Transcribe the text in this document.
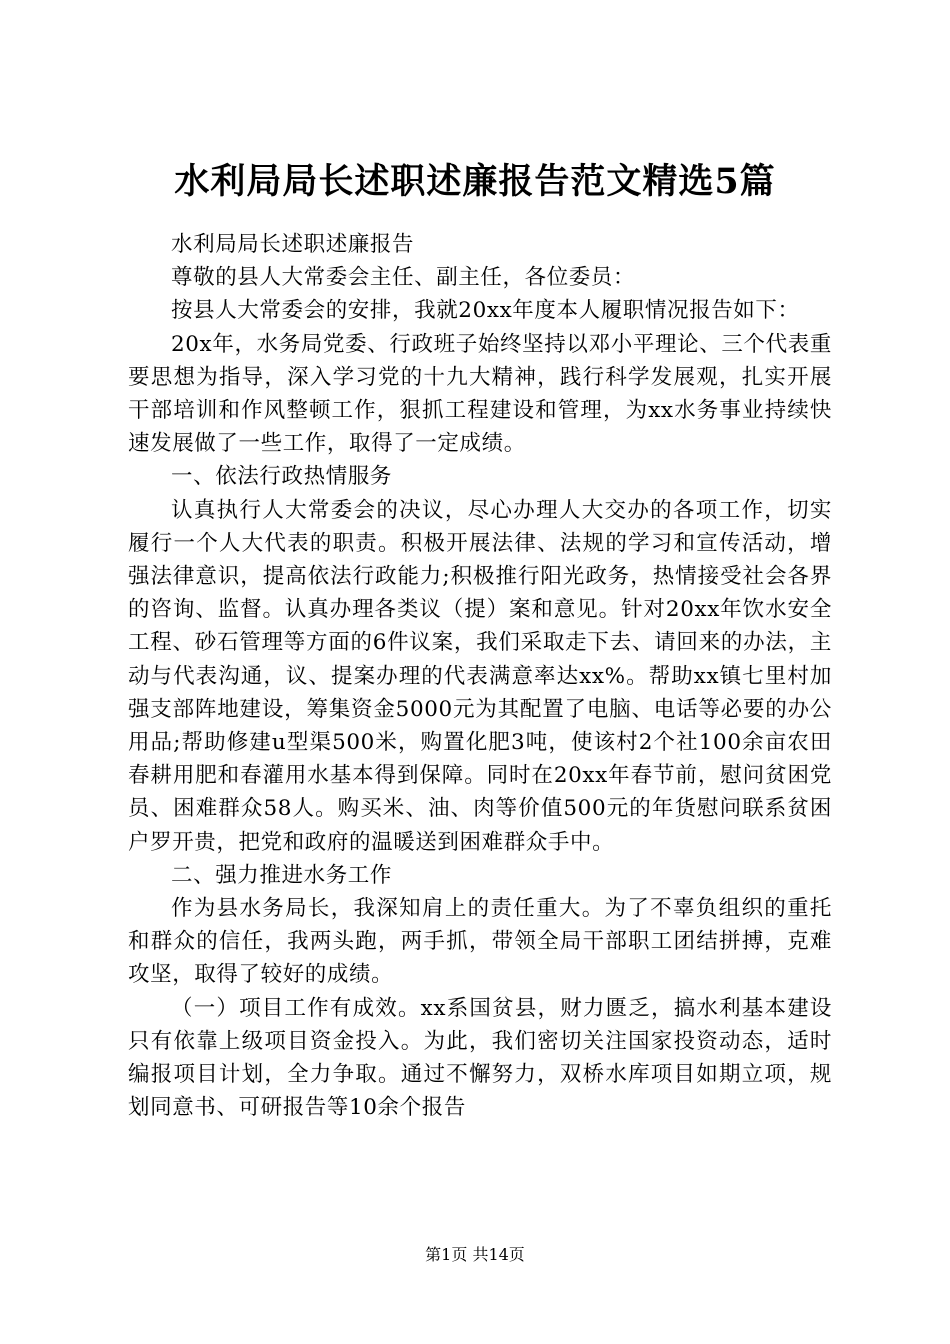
水利局局长述职述廉报告范文精选5篇

水利局局长述职述廉报告

尊敬的县人大常委会主任、副主任，各位委员：

按县人大常委会的安排，我就20xx年度本人履职情况报告如下：

20x年，水务局党委、行政班子始终坚持以邓小平理论、三个代表重要思想为指导，深入学习党的十九大精神，践行科学发展观，扎实开展干部培训和作风整顿工作，狠抓工程建设和管理，为xx水务事业持续快速发展做了一些工作，取得了一定成绩。

一、依法行政热情服务

认真执行人大常委会的决议，尽心办理人大交办的各项工作，切实履行一个人大代表的职责。积极开展法律、法规的学习和宣传活动，增强法律意识，提高依法行政能力;积极推行阳光政务，热情接受社会各界的咨询、监督。认真办理各类议（提）案和意见。针对20xx年饮水安全工程、砂石管理等方面的6件议案，我们采取走下去、请回来的办法，主动与代表沟通，议、提案办理的代表满意率达xx%。帮助xx镇七里村加强支部阵地建设，筹集资金5000元为其配置了电脑、电话等必要的办公用品;帮助修建u型渠500米，购置化肥3吨，使该村2个社100余亩农田春耕用肥和春灌用水基本得到保障。同时在20xx年春节前，慰问贫困党员、困难群众58人。购买米、油、肉等价值500元的年货慰问联系贫困户罗开贵，把党和政府的温暖送到困难群众手中。

二、强力推进水务工作

作为县水务局长，我深知肩上的责任重大。为了不辜负组织的重托和群众的信任，我两头跑，两手抓，带领全局干部职工团结拼搏，克难攻坚，取得了较好的成绩。

（一）项目工作有成效。xx系国贫县，财力匮乏，搞水利基本建设只有依靠上级项目资金投入。为此，我们密切关注国家投资动态，适时编报项目计划，全力争取。通过不懈努力，双桥水库项目如期立项，规划同意书、可研报告等10余个报告

第1页 共14页
